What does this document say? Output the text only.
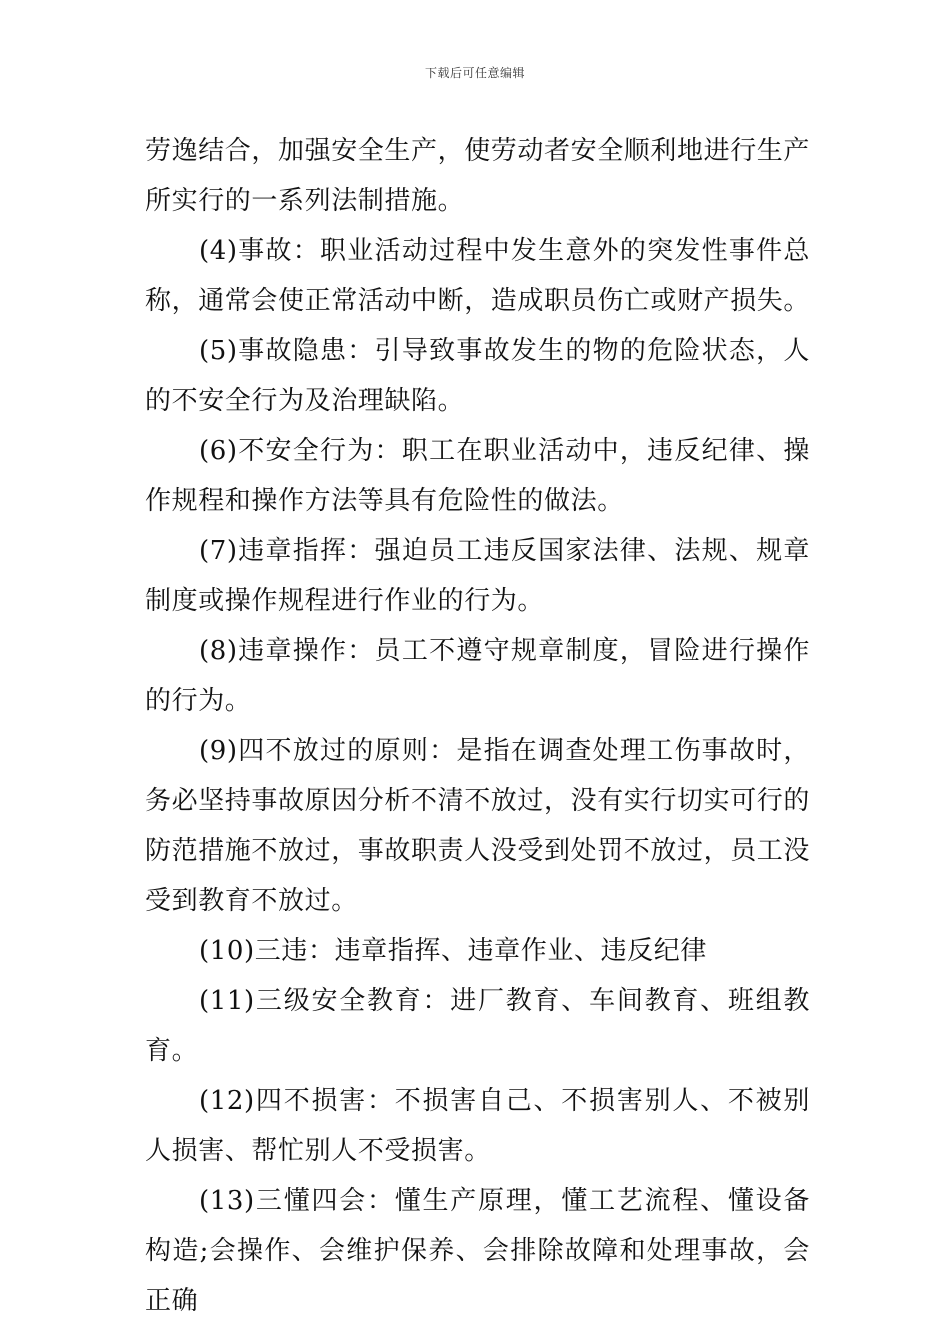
下载后可任意编辑

劳逸结合，加强安全生产，使劳动者安全顺利地进行生产所实行的一系列法制措施。

(4)事故：职业活动过程中发生意外的突发性事件总称，通常会使正常活动中断，造成职员伤亡或财产损失。

(5)事故隐患：引导致事故发生的物的危险状态，人的不安全行为及治理缺陷。

(6)不安全行为：职工在职业活动中，违反纪律、操作规程和操作方法等具有危险性的做法。

(7)违章指挥：强迫员工违反国家法律、法规、规章制度或操作规程进行作业的行为。

(8)违章操作：员工不遵守规章制度，冒险进行操作的行为。

(9)四不放过的原则：是指在调查处理工伤事故时，务必坚持事故原因分析不清不放过，没有实行切实可行的防范措施不放过，事故职责人没受到处罚不放过，员工没受到教育不放过。

(10)三违：违章指挥、违章作业、违反纪律

(11)三级安全教育：进厂教育、车间教育、班组教育。

(12)四不损害：不损害自己、不损害别人、不被别人损害、帮忙别人不受损害。

(13)三懂四会：懂生产原理，懂工艺流程、懂设备构造;会操作、会维护保养、会排除故障和处理事故，会正确
